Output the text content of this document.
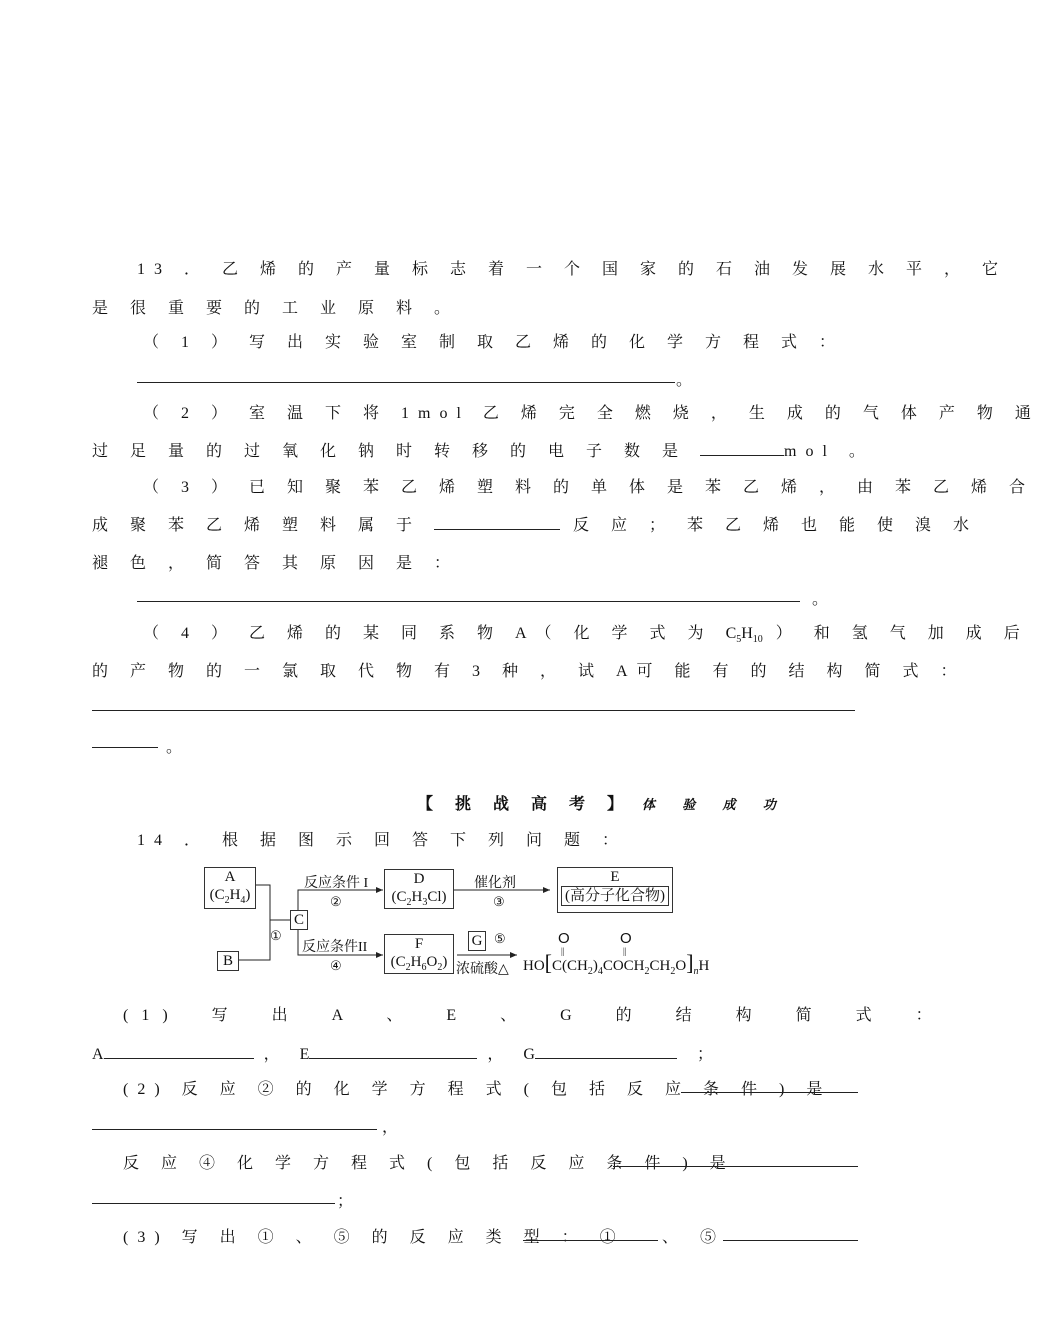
13 ． 乙 烯 的 产 量 标 志 着 一 个 国 家 的 石 油 发 展 水 平 ， 它
是 很 重 要 的 工 业 原 料 。
（ 1 ） 写 出 实 验 室 制 取 乙 烯 的 化 学 方 程 式 ：
。
（ 2 ） 室 温 下 将 1mol 乙 烯 完 全 燃 烧 ， 生 成 的 气 体 产 物 通
过 足 量 的 过 氧 化 钠 时 转 移 的 电 子 数 是	mol 。
（ 3 ） 已 知 聚 苯 乙 烯 塑 料 的 单 体 是 苯 乙 烯 ， 由 苯 乙 烯 合
成 聚 苯 乙 烯 塑 料 属 于	反 应 ； 苯 乙 烯 也 能 使 溴 水
褪 色 ， 简 答 其 原 因 是 ：
。
（ 4 ） 乙 烯 的 某 同 系 物 A（ 化 学 式 为 $C_5H_{10}$ ） 和 氢 气 加 成 后
的 产 物 的 一 氯 取 代 物 有 3 种 ， 试 A可 能 有 的 结 构 简 式 ：
。
【 挑 战 高 考 】 体 验 成 功
14 ． 根 据 图 示 回 答 下 列 问 题 ：
A
$(C_2H_4)$
B
C
①
反应条件 I
②
D
$(C_2H_3Cl)$
催化剂
③
E
(高分子化合物)
反应条件II
④
F
$(C_2H_6O_2)$
G ⑤
浓硫酸△
O	O
||	||
$HO[C(CH_2)_4COCH_2CH_2O]_nH$
(1) 写 出 A 、 E 、 G 的 结 构 简 式 ：
A	， E	， G	；
(2) 反 应 ② 的 化 学 方 程 式 ( 包 括 反 应 条 件 ) 是
，
反 应 ④ 化 学 方 程 式 ( 包 括 反 应 条 件 ) 是
；
(3) 写 出 ① 、 ⑤ 的 反 应 类 型 ： ① 、 ⑤
